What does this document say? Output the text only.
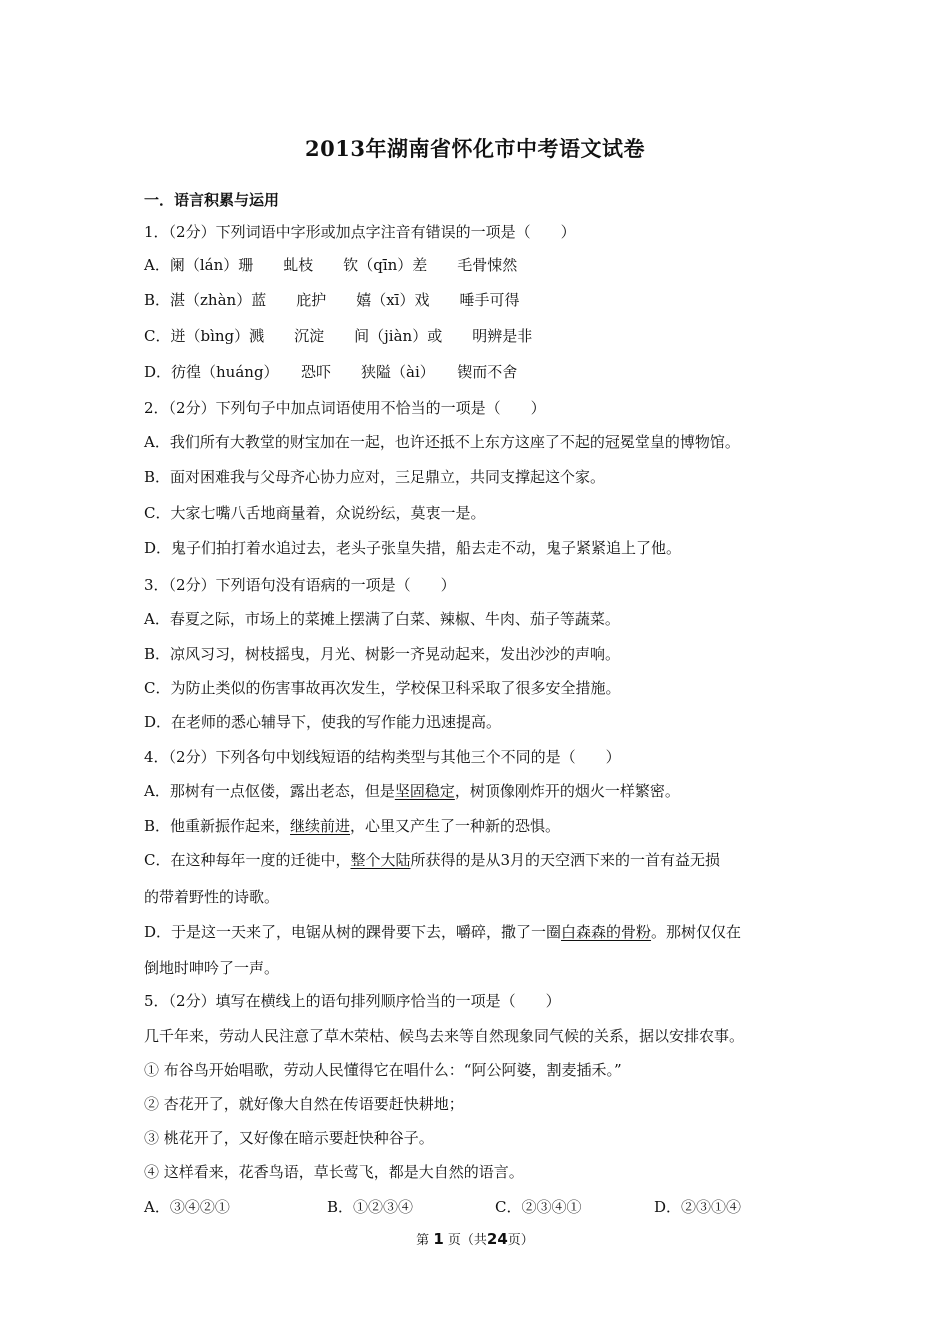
2013年湖南省怀化市中考语文试卷
一．语言积累与运用
1．（2分）下列词语中字形或加点字注音有错误的一项是（　　）
A．阑（lán）珊　　虬枝　　钦（qīn）差　　毛骨悚然
B．湛（zhàn）蓝　　庇护　　嬉（xī）戏　　唾手可得
C．迸（bìng）溅　　沉淀　　间（jiàn）或　　明辨是非
D．彷徨（huáng）　　恐吓　　狭隘（ài）　　锲而不舍
2．（2分）下列句子中加点词语使用不恰当的一项是（　　）
A．我们所有大教堂的财宝加在一起，也许还抵不上东方这座了不起的冠冕堂皇的博物馆。
B．面对困难我与父母齐心协力应对，三足鼎立，共同支撑起这个家。
C．大家七嘴八舌地商量着，众说纷纭，莫衷一是。
D．鬼子们拍打着水追过去，老头子张皇失措，船去走不动，鬼子紧紧追上了他。
3．（2分）下列语句没有语病的一项是（　　）
A．春夏之际，市场上的菜摊上摆满了白菜、辣椒、牛肉、茄子等蔬菜。
B．凉风习习，树枝摇曳，月光、树影一齐晃动起来，发出沙沙的声响。
C．为防止类似的伤害事故再次发生，学校保卫科采取了很多安全措施。
D．在老师的悉心辅导下，使我的写作能力迅速提高。
4．（2分）下列各句中划线短语的结构类型与其他三个不同的是（　　）
A．那树有一点伛偻，露出老态，但是坚固稳定，树顶像刚炸开的烟火一样繁密。
B．他重新振作起来，继续前进，心里又产生了一种新的恐惧。
C．在这种每年一度的迁徙中，整个大陆所获得的是从3月的天空洒下来的一首有益无损
的带着野性的诗歌。
D．于是这一天来了，电锯从树的踝骨要下去，嚼碎，撒了一圈白森森的骨粉。那树仅仅在
倒地时呻吟了一声。
5．（2分）填写在横线上的语句排列顺序恰当的一项是（　　）
几千年来，劳动人民注意了草木荣枯、候鸟去来等自然现象同气候的关系，据以安排农事。
① 布谷鸟开始唱歌，劳动人民懂得它在唱什么：“阿公阿婆，割麦插禾。”
② 杏花开了，就好像大自然在传语要赶快耕地；
③ 桃花开了，又好像在暗示要赶快种谷子。
④ 这样看来，花香鸟语，草长莺飞，都是大自然的语言。
A．③④②①	B．①②③④	C．②③④①	D．②③①④
第 1 页（共24页）
